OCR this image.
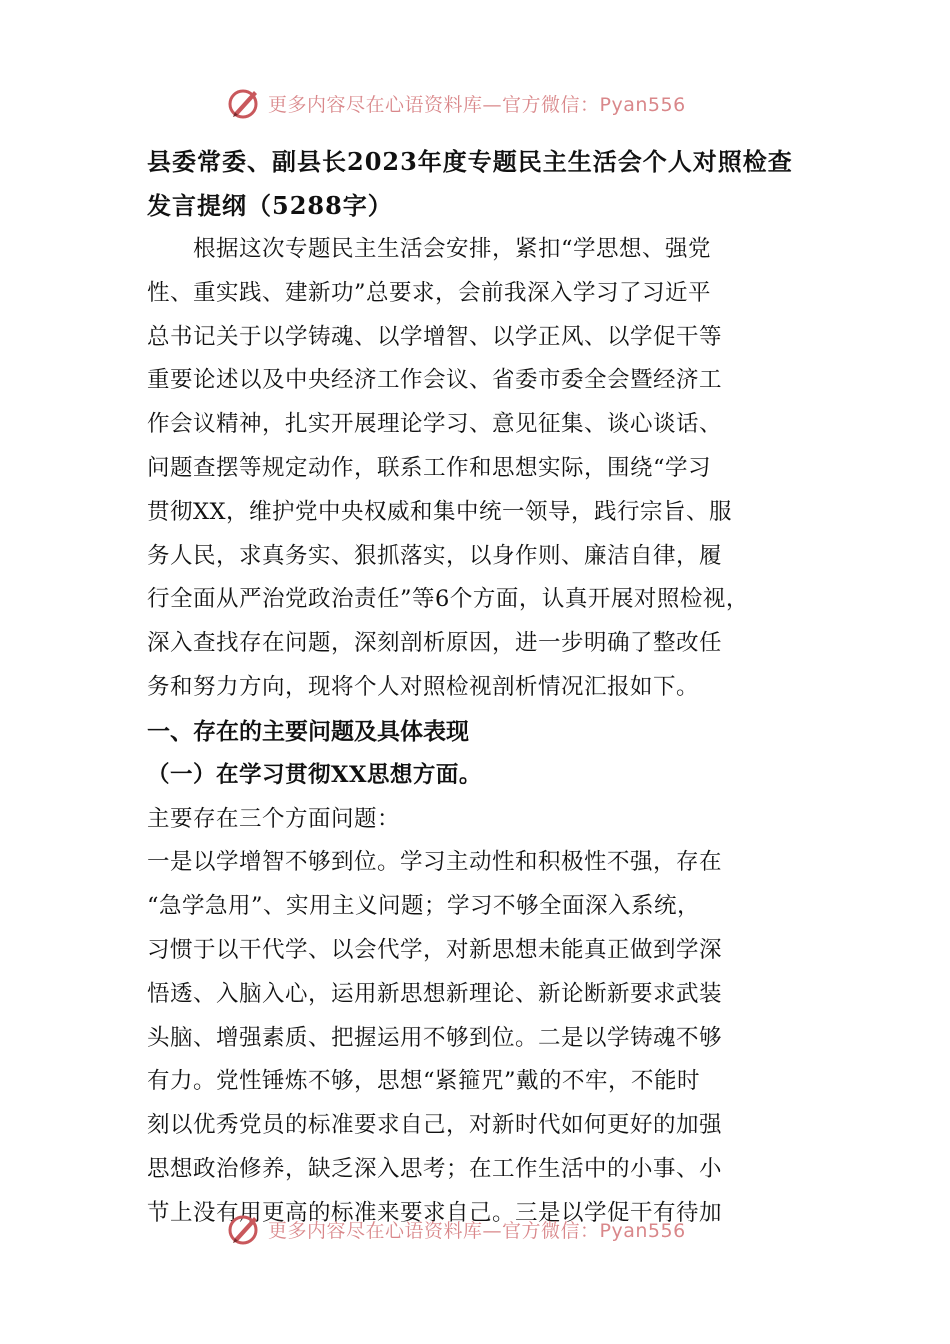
更多内容尽在心语资料库—官方微信：Pyan556
县委常委、副县长2023年度专题民主生活会个人对照检查
发言提纲（5288字）

根据这次专题民主生活会安排，紧扣“学思想、强党
性、重实践、建新功”总要求，会前我深入学习了习近平
总书记关于以学铸魂、以学增智、以学正风、以学促干等
重要论述以及中央经济工作会议、省委市委全会暨经济工
作会议精神，扎实开展理论学习、意见征集、谈心谈话、
问题查摆等规定动作，联系工作和思想实际，围绕“学习
贯彻XX，维护党中央权威和集中统一领导，践行宗旨、服
务人民，求真务实、狠抓落实，以身作则、廉洁自律，履
行全面从严治党政治责任”等6个方面，认真开展对照检视，
深入查找存在问题，深刻剖析原因，进一步明确了整改任
务和努力方向，现将个人对照检视剖析情况汇报如下。

一、存在的主要问题及具体表现

（一）在学习贯彻XX思想方面。
主要存在三个方面问题：
一是以学增智不够到位。学习主动性和积极性不强，存在
“急学急用”、实用主义问题；学习不够全面深入系统，
习惯于以干代学、以会代学，对新思想未能真正做到学深
悟透、入脑入心，运用新思想新理论、新论断新要求武装
头脑、增强素质、把握运用不够到位。二是以学铸魂不够
有力。党性锤炼不够，思想“紧箍咒”戴的不牢，不能时
刻以优秀党员的标准要求自己，对新时代如何更好的加强
思想政治修养，缺乏深入思考；在工作生活中的小事、小
节上没有用更高的标准来要求自己。三是以学促干有待加

更多内容尽在心语资料库—官方微信：Pyan556
